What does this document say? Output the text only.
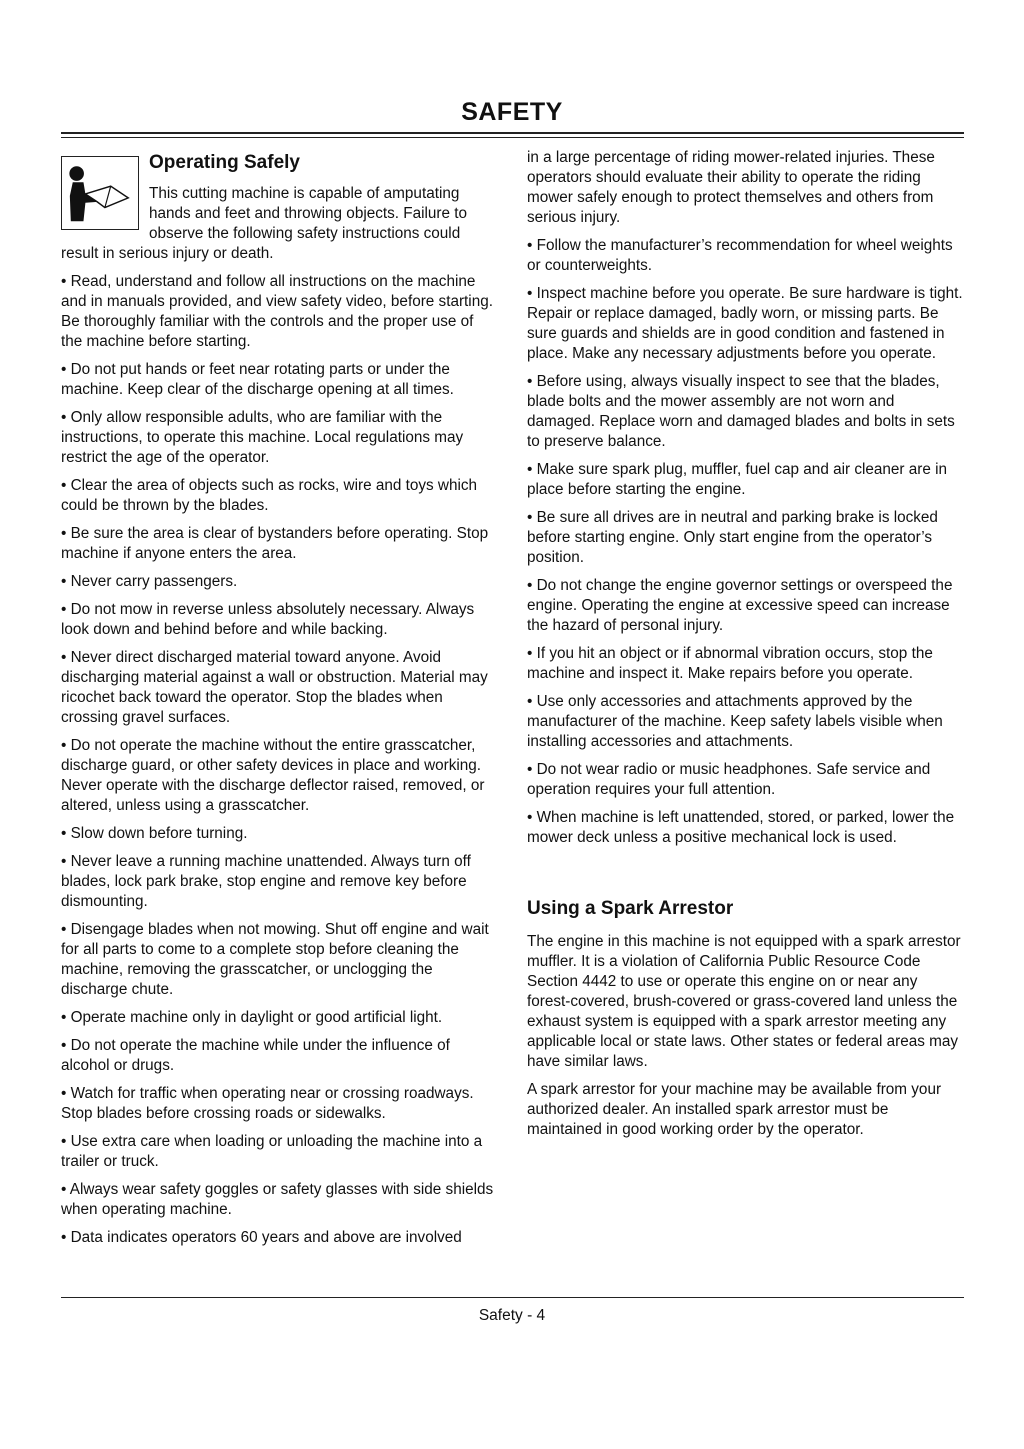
SAFETY
Operating Safely

This cutting machine is capable of amputating hands and feet and throwing objects. Failure to observe the following safety instructions could result in serious injury or death.

• Read, understand and follow all instructions on the machine and in manuals provided, and view safety video, before starting. Be thoroughly familiar with the controls and the proper use of the machine before starting.

• Do not put hands or feet near rotating parts or under the machine. Keep clear of the discharge opening at all times.

• Only allow responsible adults, who are familiar with the instructions, to operate this machine. Local regulations may restrict the age of the operator.

• Clear the area of objects such as rocks, wire and toys which could be thrown by the blades.

• Be sure the area is clear of bystanders before operating. Stop machine if anyone enters the area.

• Never carry passengers.

• Do not mow in reverse unless absolutely necessary. Always look down and behind before and while backing.

• Never direct discharged material toward anyone. Avoid discharging material against a wall or obstruction. Material may ricochet back toward the operator. Stop the blades when crossing gravel surfaces.

• Do not operate the machine without the entire grasscatcher, discharge guard, or other safety devices in place and working. Never operate with the discharge deflector raised, removed, or altered, unless using a grasscatcher.

• Slow down before turning.

• Never leave a running machine unattended. Always turn off blades, lock park brake, stop engine and remove key before dismounting.

• Disengage blades when not mowing. Shut off engine and wait for all parts to come to a complete stop before cleaning the machine, removing the grasscatcher, or unclogging the discharge chute.

• Operate machine only in daylight or good artificial light.

• Do not operate the machine while under the influence of alcohol or drugs.

• Watch for traffic when operating near or crossing roadways. Stop blades before crossing roads or sidewalks.

• Use extra care when loading or unloading the machine into a trailer or truck.

• Always wear safety goggles or safety glasses with side shields when operating machine.

• Data indicates operators 60 years and above are involved

in a large percentage of riding mower-related injuries. These operators should evaluate their ability to operate the riding mower safely enough to protect themselves and others from serious injury.

• Follow the manufacturer’s recommendation for wheel weights or counterweights.

• Inspect machine before you operate. Be sure hardware is tight. Repair or replace damaged, badly worn, or missing parts. Be sure guards and shields are in good condition and fastened in place. Make any necessary adjustments before you operate.

• Before using, always visually inspect to see that the blades, blade bolts and the mower assembly are not worn and damaged. Replace worn and damaged blades and bolts in sets to preserve balance.

• Make sure spark plug, muffler, fuel cap and air cleaner are in place before starting the engine.

• Be sure all drives are in neutral and parking brake is locked before starting engine. Only start engine from the operator’s position.

• Do not change the engine governor settings or overspeed the engine. Operating the engine at excessive speed can increase the hazard of personal injury.

• If you hit an object or if abnormal vibration occurs, stop the machine and inspect it. Make repairs before you operate.

• Use only accessories and attachments approved by the manufacturer of the machine. Keep safety labels visible when installing accessories and attachments.

• Do not wear radio or music headphones. Safe service and operation requires your full attention.

• When machine is left unattended, stored, or parked, lower the mower deck unless a positive mechanical lock is used.

Using a Spark Arrestor

The engine in this machine is not equipped with a spark arrestor muffler. It is a violation of California Public Resource Code Section 4442 to use or operate this engine on or near any forest-covered, brush-covered or grass-covered land unless the exhaust system is equipped with a spark arrestor meeting any applicable local or state laws. Other states or federal areas may have similar laws.

A spark arrestor for your machine may be available from your authorized dealer. An installed spark arrestor must be maintained in good working order by the operator.

Safety - 4
